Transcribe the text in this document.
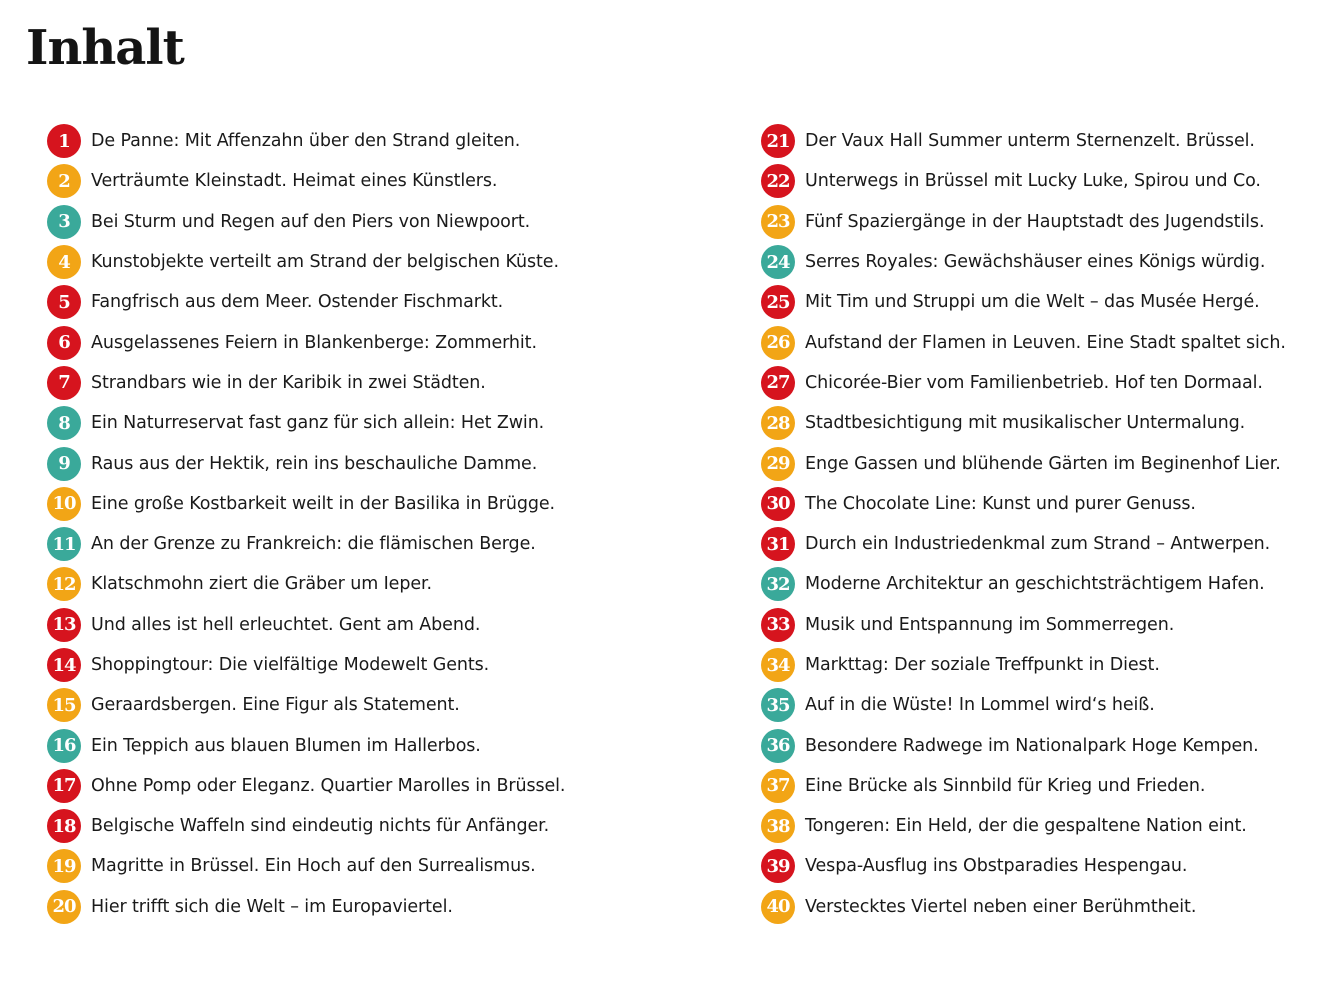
Inhalt
1	De Panne: Mit Affenzahn über den Strand gleiten.
2	Verträumte Kleinstadt. Heimat eines Künstlers.
3	Bei Sturm und Regen auf den Piers von Niewpoort.
4	Kunstobjekte verteilt am Strand der belgischen Küste.
5	Fangfrisch aus dem Meer. Ostender Fischmarkt.
6	Ausgelassenes Feiern in Blankenberge: Zommerhit.
7	Strandbars wie in der Karibik in zwei Städten.
8	Ein Naturreservat fast ganz für sich allein: Het Zwin.
9	Raus aus der Hektik, rein ins beschauliche Damme.
10 Eine große Kostbarkeit weilt in der Basilika in Brügge.
11 An der Grenze zu Frankreich: die flämischen Berge.
12 Klatschmohn ziert die Gräber um Ieper.
13 Und alles ist hell erleuchtet. Gent am Abend.
14 Shoppingtour: Die vielfältige Modewelt Gents.
15 Geraardsbergen. Eine Figur als Statement.
16 Ein Teppich aus blauen Blumen im Hallerbos.
17 Ohne Pomp oder Eleganz. Quartier Marolles in Brüssel.
18 Belgische Waffeln sind eindeutig nichts für Anfänger.
19 Magritte in Brüssel. Ein Hoch auf den Surrealismus.
20 Hier trifft sich die Welt – im Europaviertel.
21 Der Vaux Hall Summer unterm Sternenzelt. Brüssel.
22 Unterwegs in Brüssel mit Lucky Luke, Spirou und Co.
23 Fünf Spaziergänge in der Hauptstadt des Jugendstils.
24 Serres Royales: Gewächshäuser eines Königs würdig.
25 Mit Tim und Struppi um die Welt – das Musée Hergé.
26 Aufstand der Flamen in Leuven. Eine Stadt spaltet sich.
27 Chicorée-Bier vom Familienbetrieb. Hof ten Dormaal.
28 Stadtbesichtigung mit musikalischer Untermalung.
29 Enge Gassen und blühende Gärten im Beginenhof Lier.
30 The Chocolate Line: Kunst und purer Genuss.
31 Durch ein Industriedenkmal zum Strand – Antwerpen.
32 Moderne Architektur an geschichtsträchtigem Hafen.
33 Musik und Entspannung im Sommerregen.
34 Markttag: Der soziale Treffpunkt in Diest.
35 Auf in die Wüste! In Lommel wird‘s heiß.
36 Besondere Radwege im Nationalpark Hoge Kempen.
37 Eine Brücke als Sinnbild für Krieg und Frieden.
38 Tongeren: Ein Held, der die gespaltene Nation eint.
39 Vespa-Ausflug ins Obstparadies Hespengau.
40 Verstecktes Viertel neben einer Berühmtheit.
